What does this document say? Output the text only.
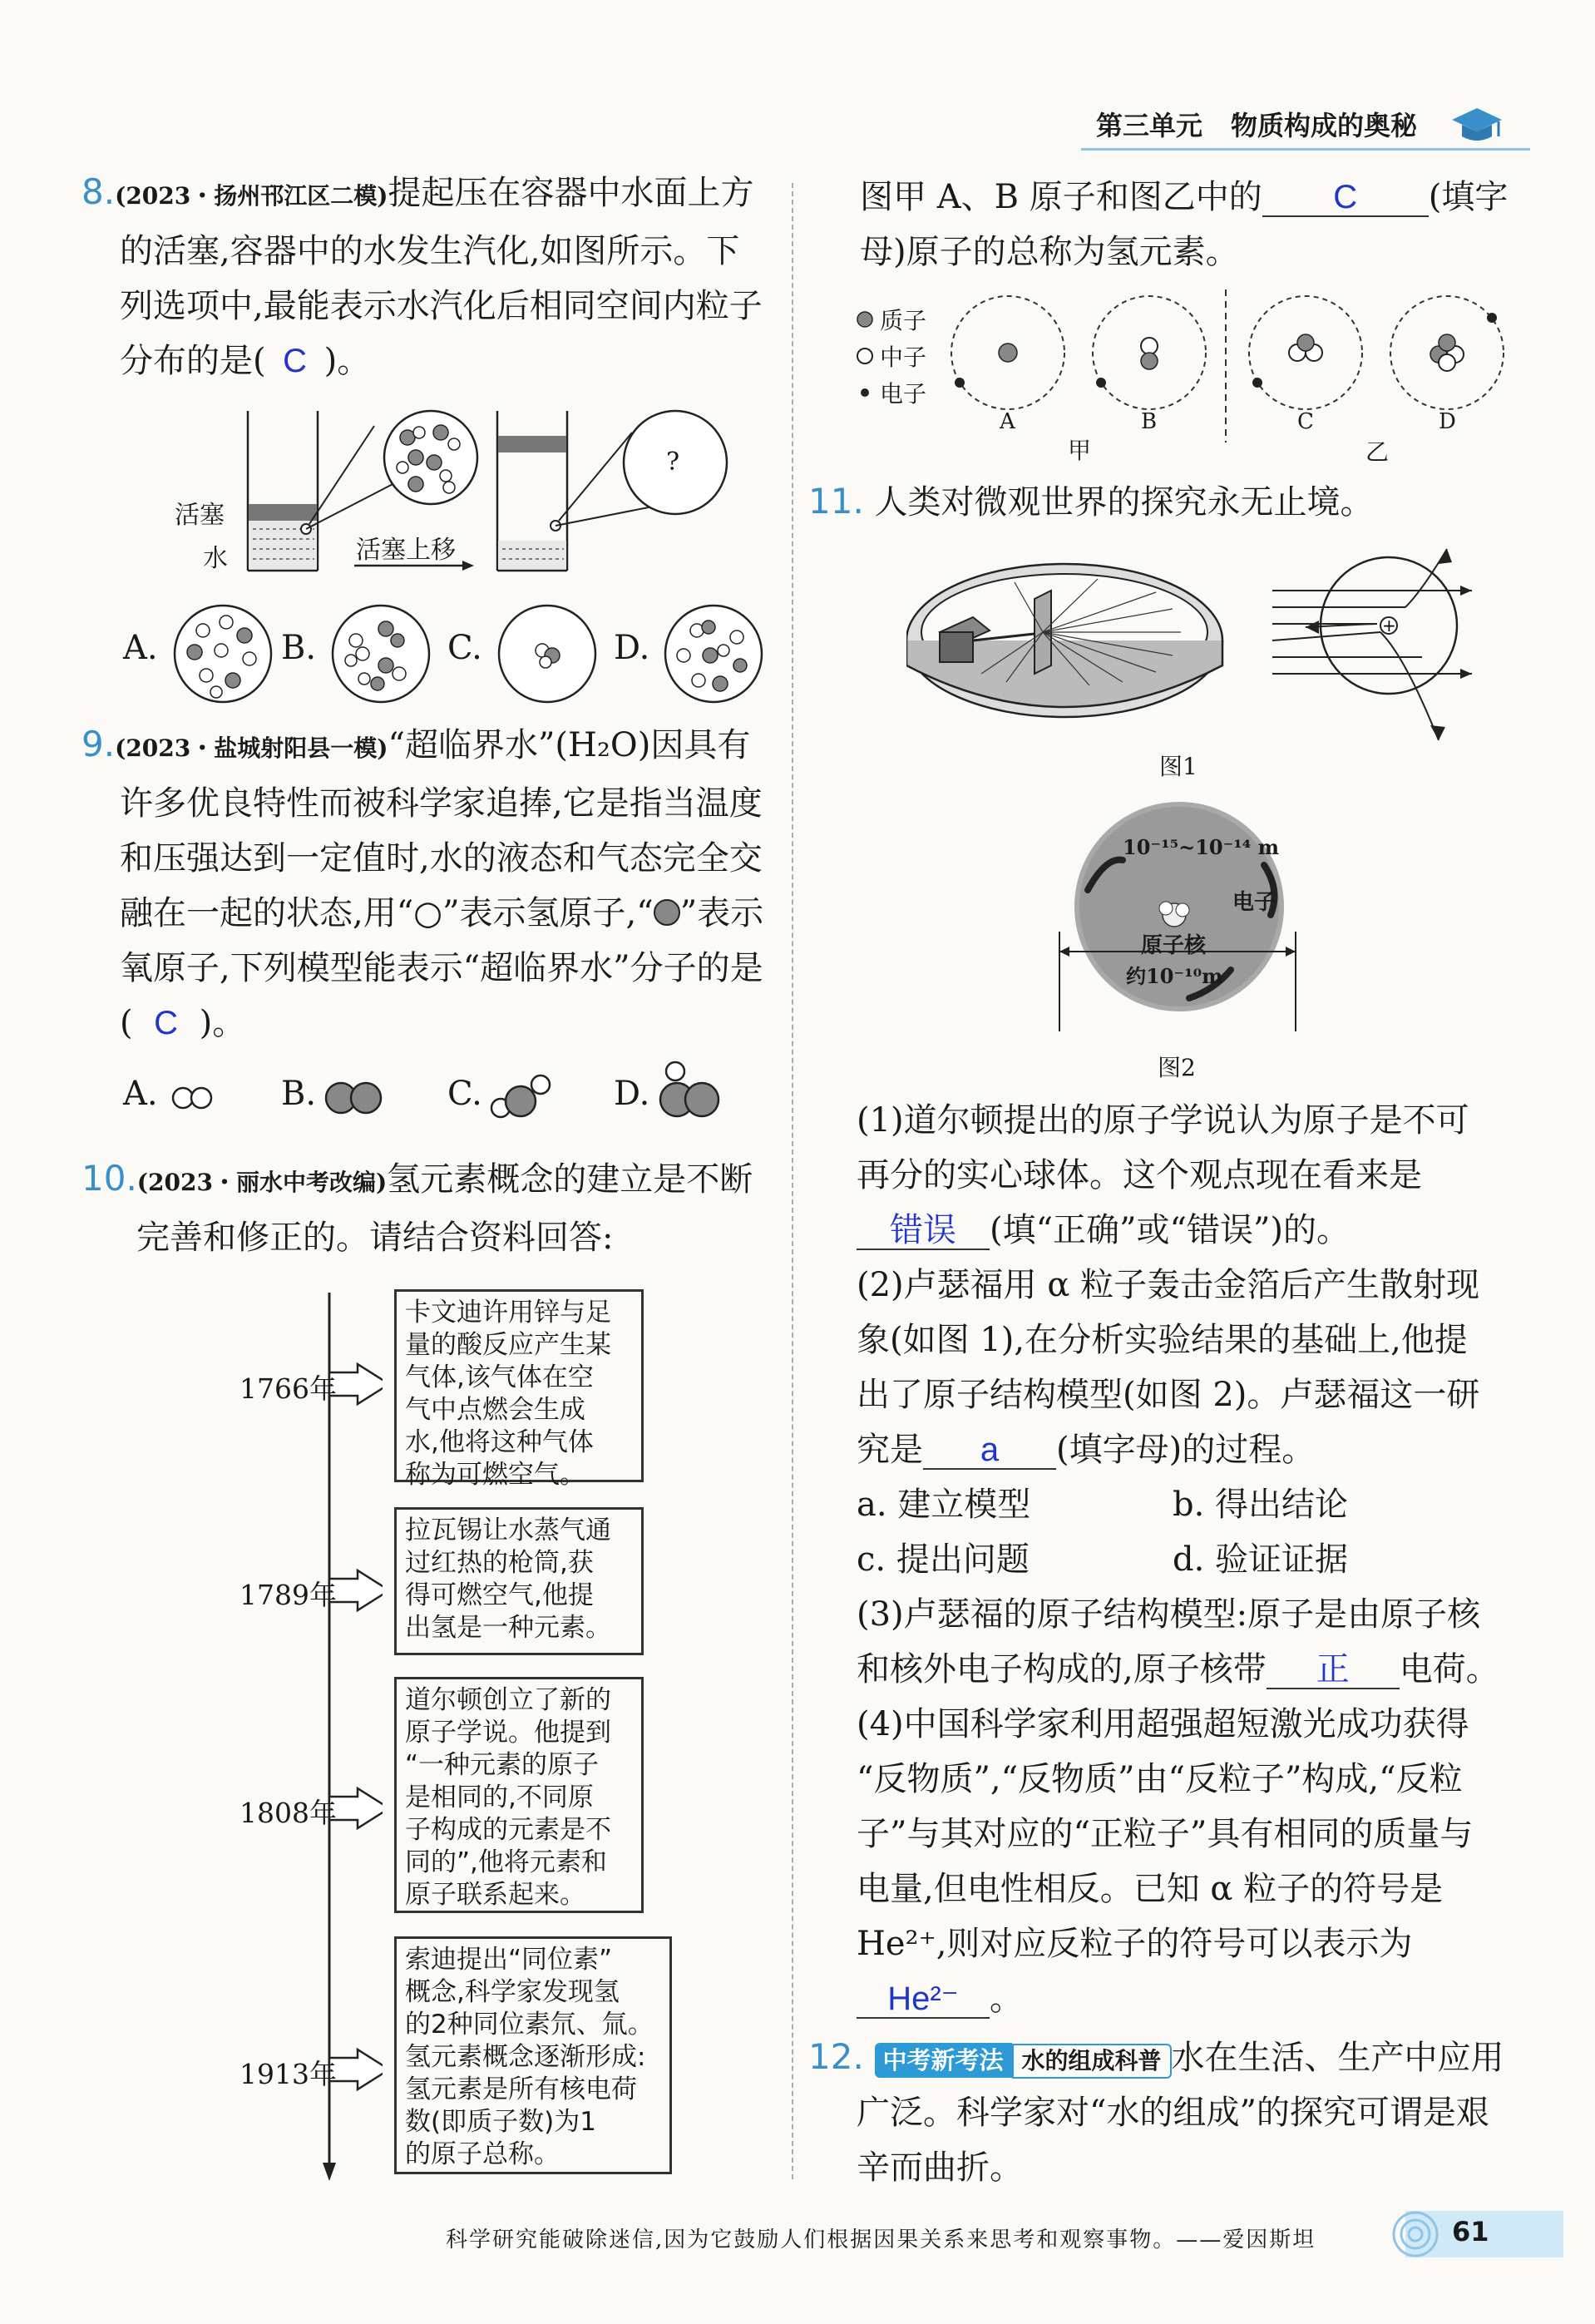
第三单元 物质构成的奥秘
8.(2023・扬州邗江区二模)提起压在容器中水面上方
的活塞,容器中的水发生汽化,如图所示。下
列选项中,最能表示水汽化后相同空间内粒子
分布的是( C )。
活塞
水	活塞上移
?
A.	B.	C.	D.
9.(2023・盐城射阳县一模)“超临界水”(H₂O)因具有
许多优良特性而被科学家追捧,它是指当温度
和压强达到一定值时,水的液态和气态完全交
融在一起的状态,用“○”表示氢原子,“ ”表示
氧原子,下列模型能表示“超临界水”分子的是
( C )。
A.	B.	C.	D.
10.(2023・丽水中考改编)氢元素概念的建立是不断
完善和修正的。请结合资料回答:
1766年
1789年
1808年
1913年
卡文迪许用锌与足
量的酸反应产生某
气体,该气体在空
气中点燃会生成
水,他将这种气体
称为可燃空气。
拉瓦锡让水蒸气通
过红热的枪筒,获
得可燃空气,他提
出氢是一种元素。
道尔顿创立了新的
原子学说。他提到
“一种元素的原子
是相同的,不同原
子构成的元素是不
同的”,他将元素和
原子联系起来。
索迪提出“同位素”
概念,科学家发现氢
的2种同位素氘、氚。
氢元素概念逐渐形成:
氢元素是所有核电荷
数(即质子数)为1
的原子总称。
图甲 A、B 原子和图乙中的 C (填字
母)原子的总称为氢元素。
质子
中子
电子
A	B	C	D
甲	乙
11. 人类对微观世界的探究永无止境。
+
图1
10⁻¹⁵~10⁻¹⁴ m
电子
原子核
约10⁻¹⁰m
图2
(1)道尔顿提出的原子学说认为原子是不可
再分的实心球体。这个观点现在看来是
错误 (填“正确”或“错误”)的。
(2)卢瑟福用 α 粒子轰击金箔后产生散射现
象(如图 1),在分析实验结果的基础上,他提
出了原子结构模型(如图 2)。卢瑟福这一研
究是 a (填字母)的过程。
a. 建立模型	b. 得出结论
c. 提出问题	d. 验证证据
(3)卢瑟福的原子结构模型:原子是由原子核
和核外电子构成的,原子核带 正 电荷。
(4)中国科学家利用超强超短激光成功获得
“反物质”,“反物质”由“反粒子”构成,“反粒
子”与其对应的“正粒子”具有相同的质量与
电量,但电性相反。已知 α 粒子的符号是
He²⁺,则对应反粒子的符号可以表示为
He²⁻ 。
12. 中考新考法 水的组成科普 水在生活、生产中应用
广泛。科学家对“水的组成”的探究可谓是艰
辛而曲折。
科学研究能破除迷信,因为它鼓励人们根据因果关系来思考和观察事物。——爱因斯坦	61
